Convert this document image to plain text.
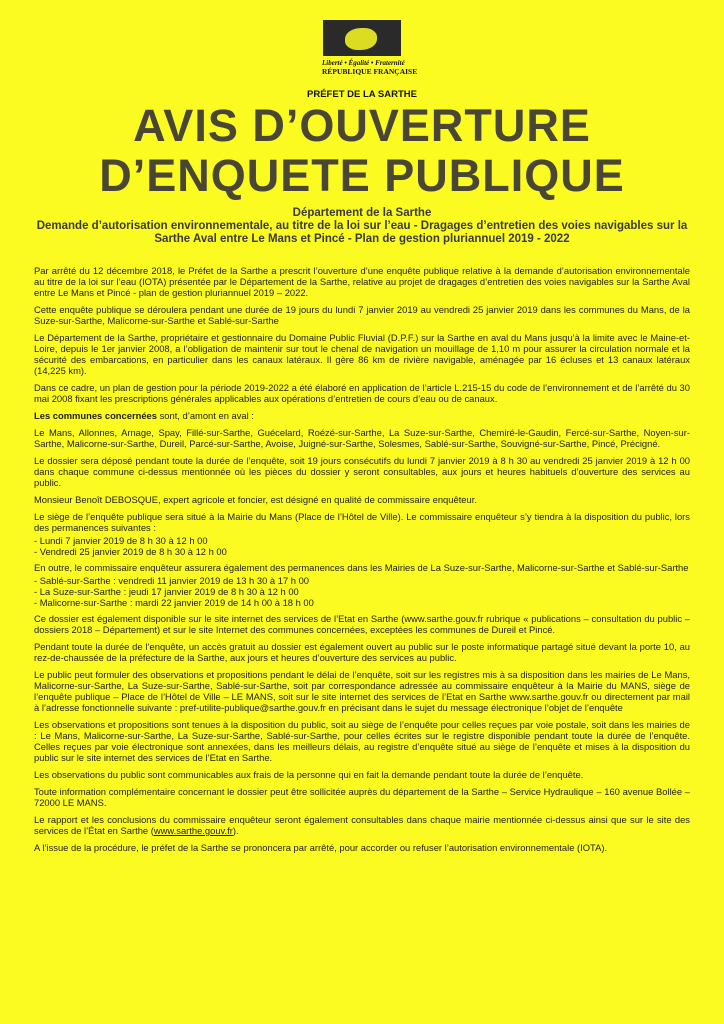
Liberté • Égalité • Fraternité
RÉPUBLIQUE FRANÇAISE
PRÉFET DE LA SARTHE
AVIS D’OUVERTURE
D’ENQUETE PUBLIQUE
Département de la Sarthe
Demande d’autorisation environnementale, au titre de la loi sur l’eau - Dragages d’entretien des voies navigables sur la Sarthe Aval entre Le Mans et Pincé - Plan de gestion pluriannuel 2019 - 2022

Par arrêté du 12 décembre 2018, le Préfet de la Sarthe a prescrit l’ouverture d’une enquête publique relative à la demande d’autorisation environnementale au titre de la loi sur l’eau (IOTA) présentée par le Département de la Sarthe, relative au projet de dragages d’entretien des voies navigables sur la Sarthe Aval entre Le Mans et Pincé - plan de gestion pluriannuel 2019 – 2022.

Cette enquête publique se déroulera pendant une durée de 19 jours du lundi 7 janvier 2019 au vendredi 25 janvier 2019 dans les communes du Mans, de la Suze-sur-Sarthe, Malicorne-sur-Sarthe et Sablé-sur-Sarthe

Le Département de la Sarthe, propriétaire et gestionnaire du Domaine Public Fluvial (D.P.F.) sur la Sarthe en aval du Mans jusqu’à la limite avec le Maine-et-Loire, depuis le 1er janvier 2008, a l’obligation de maintenir sur tout le chenal de navigation un mouillage de 1,10 m pour assurer la circulation normale et la sécurité des embarcations, en particulier dans les canaux latéraux. Il gère 86 km de rivière navigable, aménagée par 16 écluses et 13 canaux latéraux (14,225 km).

Dans ce cadre, un plan de gestion pour la période 2019-2022 a été élaboré en application de l’article L.215-15 du code de l’environnement et de l’arrêté du 30 mai 2008 fixant les prescriptions générales applicables aux opérations d’entretien de cours d’eau ou de canaux.

Les communes concernées sont, d’amont en aval :

Le Mans, Allonnes, Arnage, Spay, Fillé-sur-Sarthe, Guécelard, Roézé-sur-Sarthe, La Suze-sur-Sarthe, Chemiré-le-Gaudin, Fercé-sur-Sarthe, Noyen-sur-Sarthe, Malicorne-sur-Sarthe, Dureil, Parcé-sur-Sarthe, Avoise, Juigné-sur-Sarthe, Solesmes, Sablé-sur-Sarthe, Souvigné-sur-Sarthe, Pincé, Précigné.

Le dossier sera déposé pendant toute la durée de l’enquête, soit 19 jours consécutifs du lundi 7 janvier 2019 à 8 h 30 au vendredi 25 janvier 2019 à 12 h 00 dans chaque commune ci-dessus mentionnée où les pièces du dossier y seront consultables, aux jours et heures habituels d’ouverture des services au public.

Monsieur Benoît DEBOSQUE, expert agricole et foncier, est désigné en qualité de commissaire enquêteur.

Le siège de l’enquête publique sera situé à la Mairie du Mans (Place de l’Hôtel de Ville). Le commissaire enquêteur s’y tiendra à la disposition du public, lors des permanences suivantes :

- Lundi 7 janvier 2019 de 8 h 30 à 12 h 00
- Vendredi 25 janvier 2019 de 8 h 30 à 12 h 00

En outre, le commissaire enquêteur assurera également des permanences dans les Mairies de La Suze-sur-Sarthe, Malicorne-sur-Sarthe et Sablé-sur-Sarthe

- Sablé-sur-Sarthe : vendredi 11 janvier 2019 de 13 h 30 à 17 h 00
- La Suze-sur-Sarthe : jeudi 17 janvier 2019 de 8 h 30 à 12 h 00
- Malicorne-sur-Sarthe : mardi 22 janvier 2019 de 14 h 00 à 18 h 00

Ce dossier est également disponible sur le site internet des services de l’Etat en Sarthe (www.sarthe.gouv.fr rubrique « publications – consultation du public – dossiers 2018 – Département) et sur le site Internet des communes concernées, exceptées les communes de Dureil et Pincé.

Pendant toute la durée de l’enquête, un accès gratuit au dossier est également ouvert au public sur le poste informatique partagé situé devant la porte 10, au rez-de-chaussée de la préfecture de la Sarthe, aux jours et heures d’ouverture des services au public.

Le public peut formuler des observations et propositions pendant le délai de l’enquête, soit sur les registres mis à sa disposition dans les mairies de Le Mans, Malicorne-sur-Sarthe, La Suze-sur-Sarthe, Sablé-sur-Sarthe, soit par correspondance adressée au commissaire enquêteur à la Mairie du MANS, siège de l’enquête publique – Place de l’Hôtel de Ville – LE MANS, soit sur le site internet des services de l’Etat en Sarthe www.sarthe.gouv.fr ou directement par mail à l’adresse fonctionnelle suivante : pref-utilite-publique@sarthe.gouv.fr en précisant dans le sujet du message électronique l’objet de l’enquête

Les observations et propositions sont tenues à la disposition du public, soit au siège de l’enquête pour celles reçues par voie postale, soit dans les mairies de : Le Mans, Malicorne-sur-Sarthe, La Suze-sur-Sarthe, Sablé-sur-Sarthe, pour celles écrites sur le registre disponible pendant toute la durée de l’enquête. Celles reçues par voie électronique sont annexées, dans les meilleurs délais, au registre d’enquête situé au siège de l’enquête et mises à la disposition du public sur le site internet des services de l’Etat en Sarthe.

Les observations du public sont communicables aux frais de la personne qui en fait la demande pendant toute la durée de l’enquête.

Toute information complémentaire concernant le dossier peut être sollicitée auprès du département de la Sarthe – Service Hydraulique – 160 avenue Bollée – 72000 LE MANS.

Le rapport et les conclusions du commissaire enquêteur seront également consultables dans chaque mairie mentionnée ci-dessus ainsi que sur le site des services de l’État en Sarthe (www.sarthe.gouv.fr).

A l’issue de la procédure, le préfet de la Sarthe se prononcera par arrêté, pour accorder ou refuser l’autorisation environnementale (IOTA).
